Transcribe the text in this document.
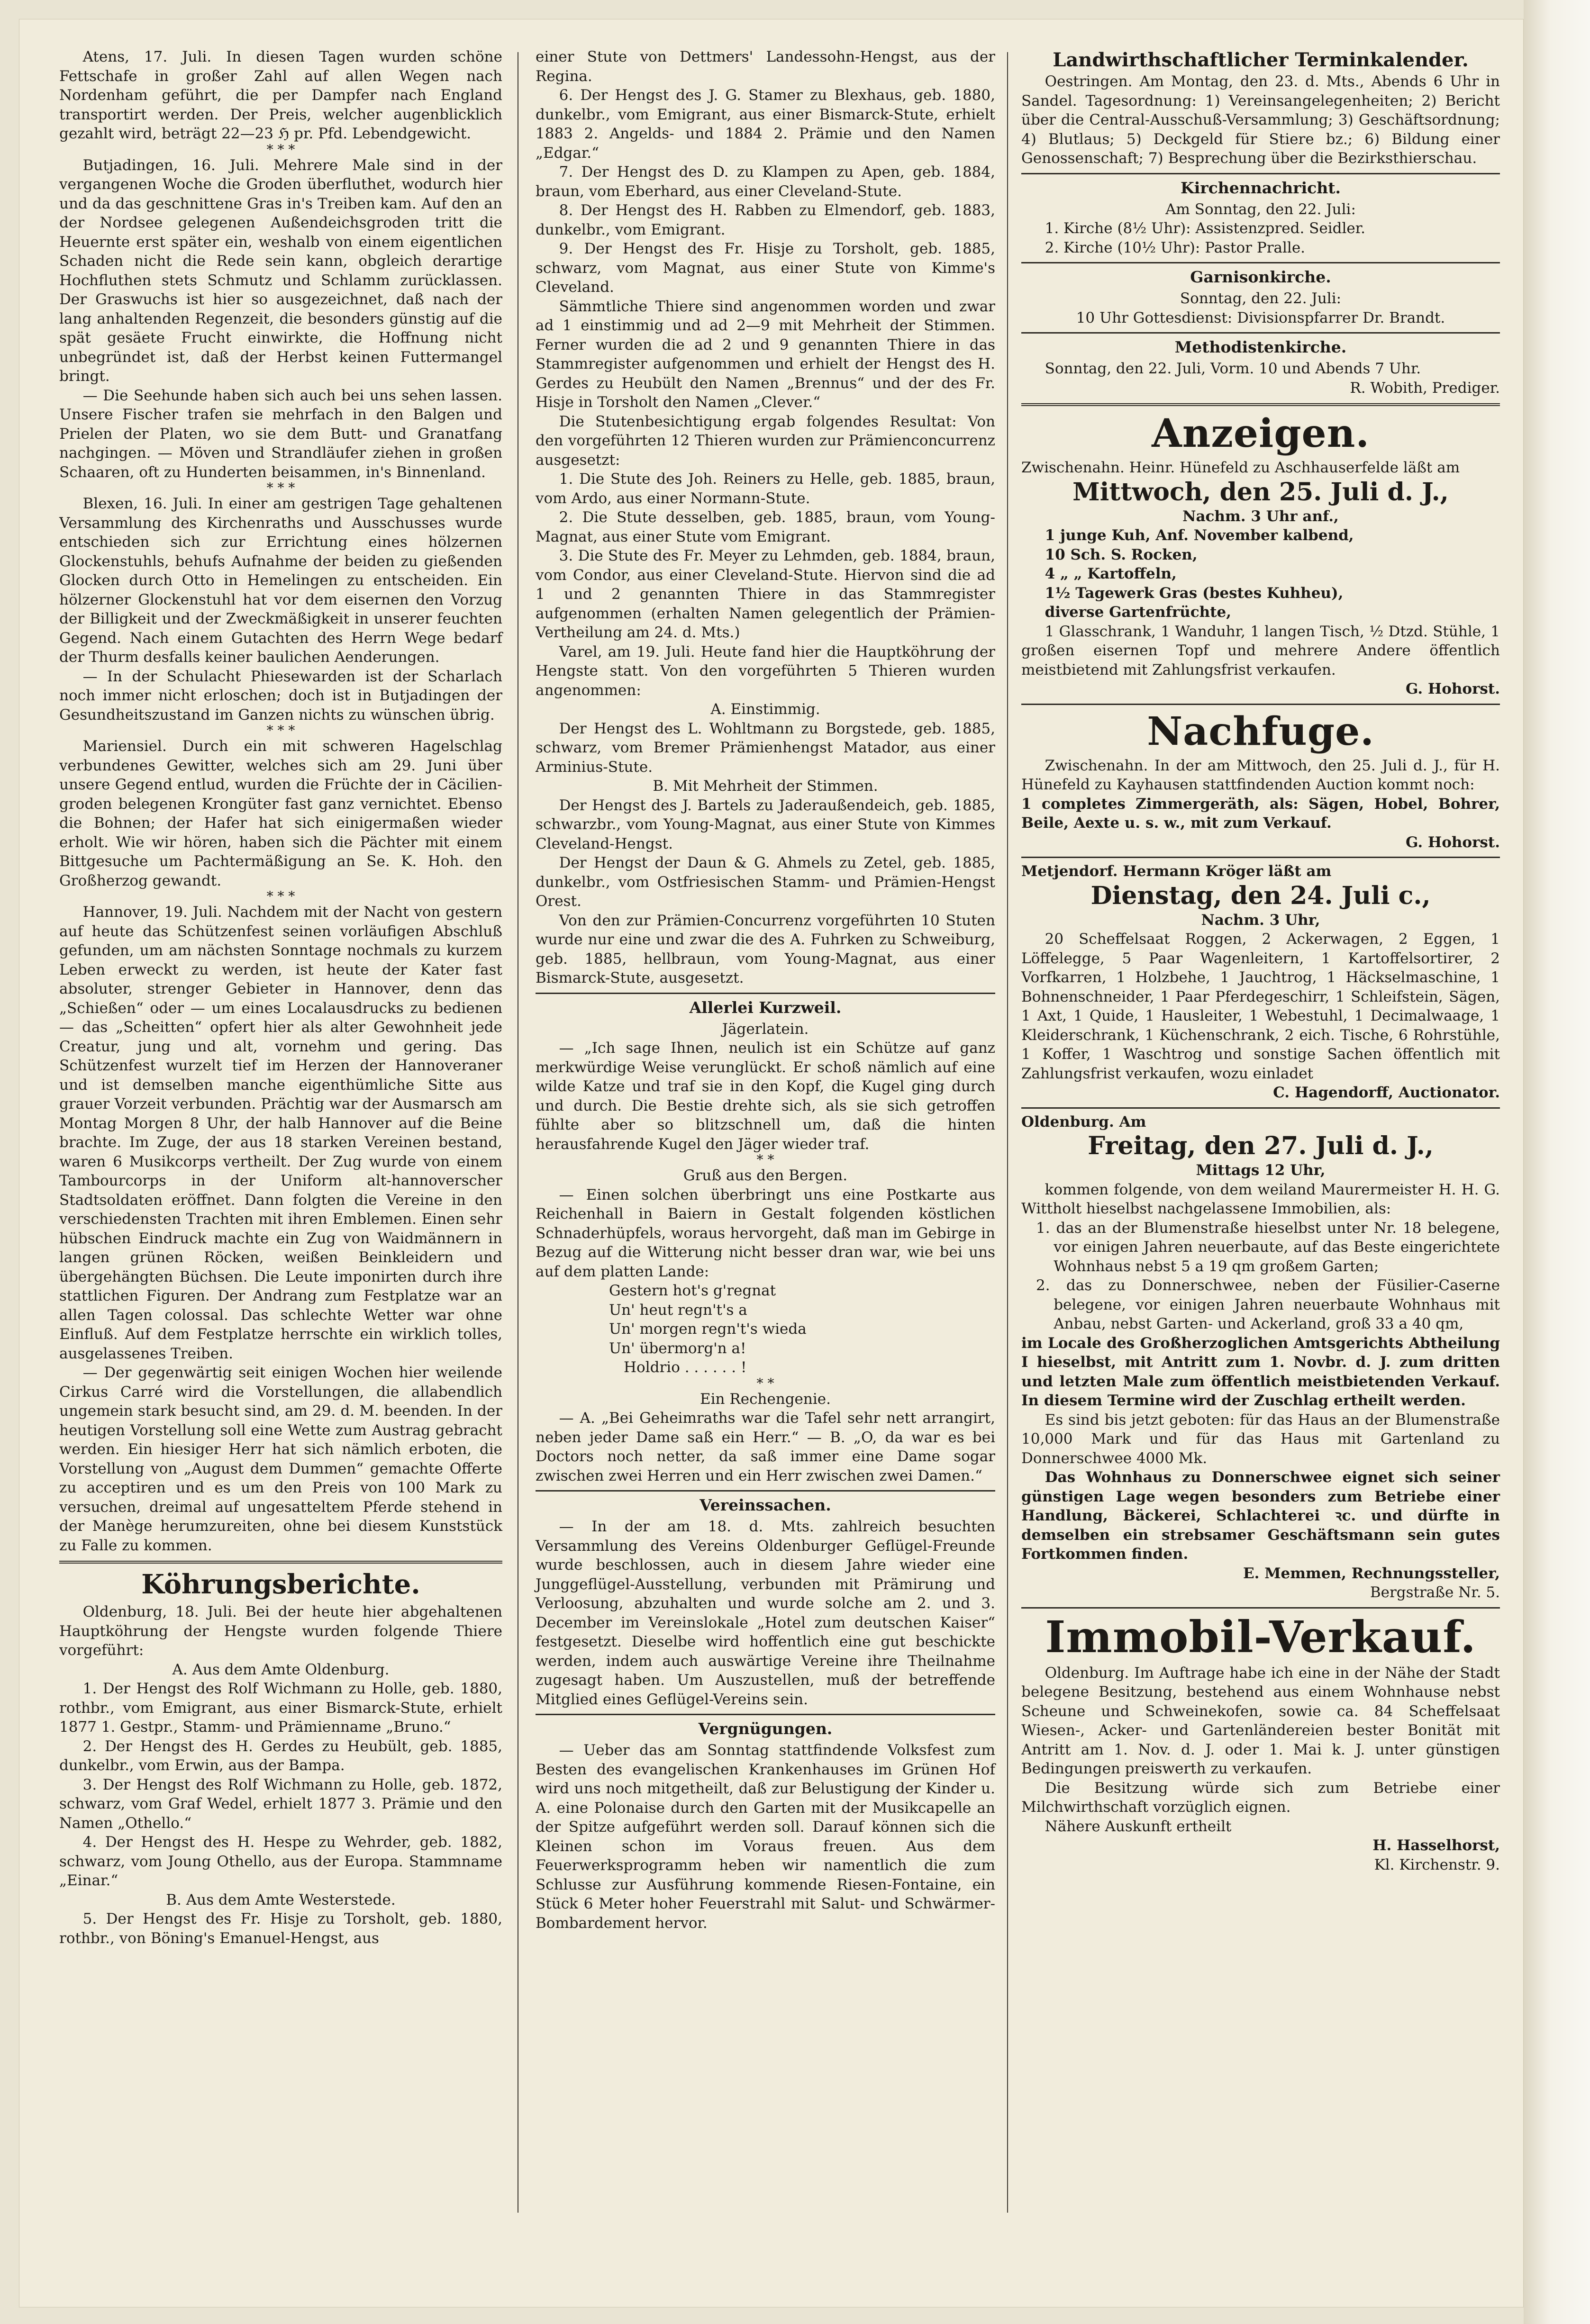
Atens, 17. Juli. In diesen Tagen wurden schöne Fettschafe in großer Zahl auf allen Wegen nach Nordenham geführt, die per Dampfer nach England transportirt werden. Der Preis, welcher augenblicklich gezahlt wird, beträgt 22—23 ℌ pr. Pfd. Lebendgewicht.

* * *

Butjadingen, 16. Juli. Mehrere Male sind in der vergangenen Woche die Groden überfluthet, wodurch hier und da das geschnittene Gras in's Treiben kam. Auf den an der Nordsee gelegenen Außendeichsgroden tritt die Heuernte erst später ein, weshalb von einem eigentlichen Schaden nicht die Rede sein kann, obgleich derartige Hochfluthen stets Schmutz und Schlamm zurücklassen. Der Graswuchs ist hier so ausgezeichnet, daß nach der lang anhaltenden Regenzeit, die besonders günstig auf die spät gesäete Frucht einwirkte, die Hoffnung nicht unbegründet ist, daß der Herbst keinen Futtermangel bringt.

— Die Seehunde haben sich auch bei uns sehen lassen. Unsere Fischer trafen sie mehrfach in den Balgen und Prielen der Platen, wo sie dem Butt- und Granatfang nachgingen. — Möven und Strandläufer ziehen in großen Schaaren, oft zu Hunderten beisammen, in's Binnenland.

* * *

Blexen, 16. Juli. In einer am gestrigen Tage gehaltenen Versammlung des Kirchenraths und Ausschusses wurde entschieden sich zur Errichtung eines hölzernen Glockenstuhls, behufs Aufnahme der beiden zu gießenden Glocken durch Otto in Hemelingen zu entscheiden. Ein hölzerner Glockenstuhl hat vor dem eisernen den Vorzug der Billigkeit und der Zweckmäßigkeit in unserer feuchten Gegend. Nach einem Gutachten des Herrn Wege bedarf der Thurm desfalls keiner baulichen Aenderungen.

— In der Schulacht Phiesewarden ist der Scharlach noch immer nicht erloschen; doch ist in Butjadingen der Gesundheitszustand im Ganzen nichts zu wünschen übrig.

* * *

Mariensiel. Durch ein mit schweren Hagelschlag verbundenes Gewitter, welches sich am 29. Juni über unsere Gegend entlud, wurden die Früchte der in Cäciliengroden belegenen Krongüter fast ganz vernichtet. Ebenso die Bohnen; der Hafer hat sich einigermaßen wieder erholt. Wie wir hören, haben sich die Pächter mit einem Bittgesuche um Pachtermäßigung an Se. K. Hoh. den Großherzog gewandt.

* * *

Hannover, 19. Juli. Nachdem mit der Nacht von gestern auf heute das Schützenfest seinen vorläufigen Abschluß gefunden, um am nächsten Sonntage nochmals zu kurzem Leben erweckt zu werden, ist heute der Kater fast absoluter, strenger Gebieter in Hannover, denn das „Schießen“ oder — um eines Localausdrucks zu bedienen — das „Scheitten“ opfert hier als alter Gewohnheit jede Creatur, jung und alt, vornehm und gering. Das Schützenfest wurzelt tief im Herzen der Hannoveraner und ist demselben manche eigenthümliche Sitte aus grauer Vorzeit verbunden. Prächtig war der Ausmarsch am Montag Morgen 8 Uhr, der halb Hannover auf die Beine brachte. Im Zuge, der aus 18 starken Vereinen bestand, waren 6 Musikcorps vertheilt. Der Zug wurde von einem Tambourcorps in der Uniform alt-hannoverscher Stadtsoldaten eröffnet. Dann folgten die Vereine in den verschiedensten Trachten mit ihren Emblemen. Einen sehr hübschen Eindruck machte ein Zug von Waidmännern in langen grünen Röcken, weißen Beinkleidern und übergehängten Büchsen. Die Leute imponirten durch ihre stattlichen Figuren. Der Andrang zum Festplatze war an allen Tagen colossal. Das schlechte Wetter war ohne Einfluß. Auf dem Festplatze herrschte ein wirklich tolles, ausgelassenes Treiben.

— Der gegenwärtig seit einigen Wochen hier weilende Cirkus Carré wird die Vorstellungen, die allabendlich ungemein stark besucht sind, am 29. d. M. beenden. In der heutigen Vorstellung soll eine Wette zum Austrag gebracht werden. Ein hiesiger Herr hat sich nämlich erboten, die Vorstellung von „August dem Dummen“ gemachte Offerte zu acceptiren und es um den Preis von 100 Mark zu versuchen, dreimal auf ungesatteltem Pferde stehend in der Manège herumzureiten, ohne bei diesem Kunststück zu Falle zu kommen.

Köhrungsberichte.

Oldenburg, 18. Juli. Bei der heute hier abgehaltenen Hauptköhrung der Hengste wurden folgende Thiere vorgeführt:

A. Aus dem Amte Oldenburg.

1. Der Hengst des Rolf Wichmann zu Holle, geb. 1880, rothbr., vom Emigrant, aus einer Bismarck-Stute, erhielt 1877 1. Gestpr., Stamm- und Prämienname „Bruno.“

2. Der Hengst des H. Gerdes zu Heubült, geb. 1885, dunkelbr., vom Erwin, aus der Bampa.

3. Der Hengst des Rolf Wichmann zu Holle, geb. 1872, schwarz, vom Graf Wedel, erhielt 1877 3. Prämie und den Namen „Othello.“

4. Der Hengst des H. Hespe zu Wehrder, geb. 1882, schwarz, vom Joung Othello, aus der Europa. Stammname „Einar.“

B. Aus dem Amte Westerstede.

5. Der Hengst des Fr. Hisje zu Torsholt, geb. 1880, rothbr., von Böning's Emanuel-Hengst, aus

einer Stute von Dettmers' Landessohn-Hengst, aus der Regina.

6. Der Hengst des J. G. Stamer zu Blexhaus, geb. 1880, dunkelbr., vom Emigrant, aus einer Bismarck-Stute, erhielt 1883 2. Angelds- und 1884 2. Prämie und den Namen „Edgar.“

7. Der Hengst des D. zu Klampen zu Apen, geb. 1884, braun, vom Eberhard, aus einer Cleveland-Stute.

8. Der Hengst des H. Rabben zu Elmendorf, geb. 1883, dunkelbr., vom Emigrant.

9. Der Hengst des Fr. Hisje zu Torsholt, geb. 1885, schwarz, vom Magnat, aus einer Stute von Kimme's Cleveland.

Sämmtliche Thiere sind angenommen worden und zwar ad 1 einstimmig und ad 2—9 mit Mehrheit der Stimmen. Ferner wurden die ad 2 und 9 genannten Thiere in das Stammregister aufgenommen und erhielt der Hengst des H. Gerdes zu Heubült den Namen „Brennus“ und der des Fr. Hisje in Torsholt den Namen „Clever.“

Die Stutenbesichtigung ergab folgendes Resultat: Von den vorgeführten 12 Thieren wurden zur Prämienconcurrenz ausgesetzt:

1. Die Stute des Joh. Reiners zu Helle, geb. 1885, braun, vom Ardo, aus einer Normann-Stute.

2. Die Stute desselben, geb. 1885, braun, vom Young-Magnat, aus einer Stute vom Emigrant.

3. Die Stute des Fr. Meyer zu Lehmden, geb. 1884, braun, vom Condor, aus einer Cleveland-Stute. Hiervon sind die ad 1 und 2 genannten Thiere in das Stammregister aufgenommen (erhalten Namen gelegentlich der Prämien-Vertheilung am 24. d. Mts.)

Varel, am 19. Juli. Heute fand hier die Hauptköhrung der Hengste statt. Von den vorgeführten 5 Thieren wurden angenommen:

A. Einstimmig.

Der Hengst des L. Wohltmann zu Borgstede, geb. 1885, schwarz, vom Bremer Prämienhengst Matador, aus einer Arminius-Stute.

B. Mit Mehrheit der Stimmen.

Der Hengst des J. Bartels zu Jaderaußendeich, geb. 1885, schwarzbr., vom Young-Magnat, aus einer Stute von Kimmes Cleveland-Hengst.

Der Hengst der Daun & G. Ahmels zu Zetel, geb. 1885, dunkelbr., vom Ostfriesischen Stamm- und Prämien-Hengst Orest.

Von den zur Prämien-Concurrenz vorgeführten 10 Stuten wurde nur eine und zwar die des A. Fuhrken zu Schweiburg, geb. 1885, hellbraun, vom Young-Magnat, aus einer Bismarck-Stute, ausgesetzt.

Allerlei Kurzweil.

Jägerlatein.

— „Ich sage Ihnen, neulich ist ein Schütze auf ganz merkwürdige Weise verunglückt. Er schoß nämlich auf eine wilde Katze und traf sie in den Kopf, die Kugel ging durch und durch. Die Bestie drehte sich, als sie sich getroffen fühlte aber so blitzschnell um, daß die hinten herausfahrende Kugel den Jäger wieder traf.

* *

Gruß aus den Bergen.

— Einen solchen überbringt uns eine Postkarte aus Reichenhall in Baiern in Gestalt folgenden köstlichen Schnaderhüpfels, woraus hervorgeht, daß man im Gebirge in Bezug auf die Witterung nicht besser dran war, wie bei uns auf dem platten Lande:

Gestern hot's g'regnat

Un' heut regn't's a

Un' morgen regn't's wieda

Un' übermorg'n a!

Holdrio . . . . . . !

* *

Ein Rechengenie.

— A. „Bei Geheimraths war die Tafel sehr nett arrangirt, neben jeder Dame saß ein Herr.“ — B. „O, da war es bei Doctors noch netter, da saß immer eine Dame sogar zwischen zwei Herren und ein Herr zwischen zwei Damen.“

Vereinssachen.

— In der am 18. d. Mts. zahlreich besuchten Versammlung des Vereins Oldenburger Geflügel-Freunde wurde beschlossen, auch in diesem Jahre wieder eine Junggeflügel-Ausstellung, verbunden mit Prämirung und Verloosung, abzuhalten und wurde solche am 2. und 3. December im Vereinslokale „Hotel zum deutschen Kaiser“ festgesetzt. Dieselbe wird hoffentlich eine gut beschickte werden, indem auch auswärtige Vereine ihre Theilnahme zugesagt haben. Um Auszustellen, muß der betreffende Mitglied eines Geflügel-Vereins sein.

Vergnügungen.

— Ueber das am Sonntag stattfindende Volksfest zum Besten des evangelischen Krankenhauses im Grünen Hof wird uns noch mitgetheilt, daß zur Belustigung der Kinder u. A. eine Polonaise durch den Garten mit der Musikcapelle an der Spitze aufgeführt werden soll. Darauf können sich die Kleinen schon im Voraus freuen. Aus dem Feuerwerksprogramm heben wir namentlich die zum Schlusse zur Ausführung kommende Riesen-Fontaine, ein Stück 6 Meter hoher Feuerstrahl mit Salut- und Schwärmer-Bombardement hervor.

Landwirthschaftlicher Terminkalender.

Oestringen. Am Montag, den 23. d. Mts., Abends 6 Uhr in Sandel. Tagesordnung: 1) Vereinsangelegenheiten; 2) Bericht über die Central-Ausschuß-Versammlung; 3) Geschäftsordnung; 4) Blutlaus; 5) Deckgeld für Stiere bz.; 6) Bildung einer Genossenschaft; 7) Besprechung über die Bezirksthierschau.

Kirchennachricht.

Am Sonntag, den 22. Juli:

1. Kirche (8½ Uhr): Assistenzpred. Seidler.

2. Kirche (10½ Uhr): Pastor Pralle.

Garnisonkirche.

Sonntag, den 22. Juli:

10 Uhr Gottesdienst: Divisionspfarrer Dr. Brandt.

Methodistenkirche.

Sonntag, den 22. Juli, Vorm. 10 und Abends 7 Uhr.

R. Wobith, Prediger.

Anzeigen.

Zwischenahn. Heinr. Hünefeld zu Aschhauserfelde läßt am

Mittwoch, den 25. Juli d. J.,

Nachm. 3 Uhr anf.,

1 junge Kuh, Anf. November kalbend,

10 Sch. S. Rocken,

4 „ „ Kartoffeln,

1½ Tagewerk Gras (bestes Kuhheu),

diverse Gartenfrüchte,

1 Glasschrank, 1 Wanduhr, 1 langen Tisch, ½ Dtzd. Stühle, 1 großen eisernen Topf und mehrere Andere öffentlich meistbietend mit Zahlungsfrist verkaufen.

G. Hohorst.

Nachfuge.

Zwischenahn. In der am Mittwoch, den 25. Juli d. J., für H. Hünefeld zu Kayhausen stattfindenden Auction kommt noch:

1 completes Zimmergeräth, als: Sägen, Hobel, Bohrer, Beile, Aexte u. s. w., mit zum Verkauf.

G. Hohorst.

Metjendorf. Hermann Kröger läßt am

Dienstag, den 24. Juli c.,

Nachm. 3 Uhr,

20 Scheffelsaat Roggen, 2 Ackerwagen, 2 Eggen, 1 Löffelegge, 5 Paar Wagenleitern, 1 Kartoffelsortirer, 2 Vorfkarren, 1 Holzbehe, 1 Jauchtrog, 1 Häckselmaschine, 1 Bohnenschneider, 1 Paar Pferdegeschirr, 1 Schleifstein, Sägen, 1 Axt, 1 Quide, 1 Hausleiter, 1 Webestuhl, 1 Decimalwaage, 1 Kleiderschrank, 1 Küchenschrank, 2 eich. Tische, 6 Rohrstühle, 1 Koffer, 1 Waschtrog und sonstige Sachen öffentlich mit Zahlungsfrist verkaufen, wozu einladet

C. Hagendorff, Auctionator.

Oldenburg. Am

Freitag, den 27. Juli d. J.,

Mittags 12 Uhr,

kommen folgende, von dem weiland Maurermeister H. H. G. Wittholt hieselbst nachgelassene Immobilien, als:

1. das an der Blumenstraße hieselbst unter Nr. 18 belegene, vor einigen Jahren neuerbaute, auf das Beste eingerichtete Wohnhaus nebst 5 a 19 qm großem Garten;

2. das zu Donnerschwee, neben der Füsilier-Caserne belegene, vor einigen Jahren neuerbaute Wohnhaus mit Anbau, nebst Garten- und Ackerland, groß 33 a 40 qm,

im Locale des Großherzoglichen Amtsgerichts Abtheilung I hieselbst, mit Antritt zum 1. Novbr. d. J. zum dritten und letzten Male zum öffentlich meistbietenden Verkauf. In diesem Termine wird der Zuschlag ertheilt werden.

Es sind bis jetzt geboten: für das Haus an der Blumenstraße 10,000 Mark und für das Haus mit Gartenland zu Donnerschwee 4000 Mk.

Das Wohnhaus zu Donnerschwee eignet sich seiner günstigen Lage wegen besonders zum Betriebe einer Handlung, Bäckerei, Schlachterei ꝛc. und dürfte in demselben ein strebsamer Geschäftsmann sein gutes Fortkommen finden.

E. Memmen, Rechnungssteller,

Bergstraße Nr. 5.

Immobil-Verkauf.

Oldenburg. Im Auftrage habe ich eine in der Nähe der Stadt belegene Besitzung, bestehend aus einem Wohnhause nebst Scheune und Schweinekofen, sowie ca. 84 Scheffelsaat Wiesen-, Acker- und Gartenländereien bester Bonität mit Antritt am 1. Nov. d. J. oder 1. Mai k. J. unter günstigen Bedingungen preiswerth zu verkaufen.

Die Besitzung würde sich zum Betriebe einer Milchwirthschaft vorzüglich eignen.

Nähere Auskunft ertheilt

H. Hasselhorst,

Kl. Kirchenstr. 9.
